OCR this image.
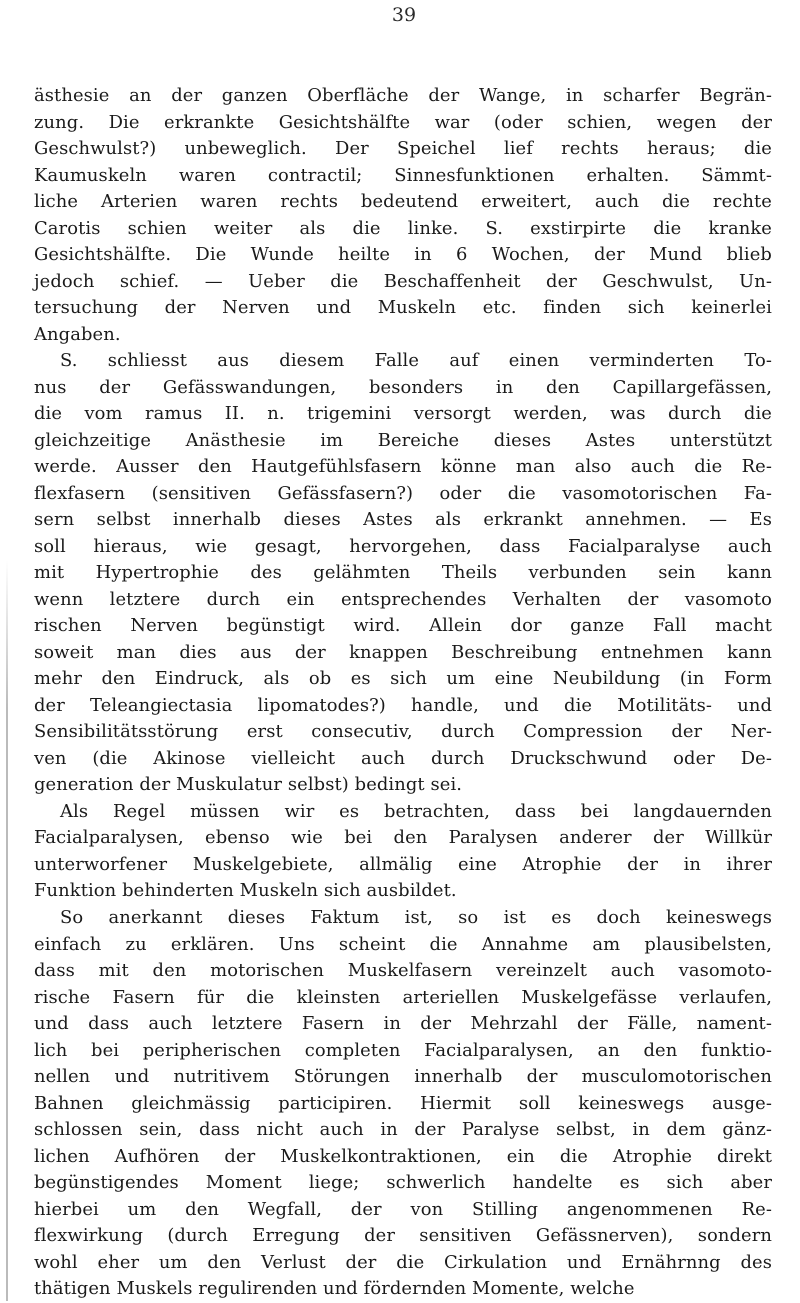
39

ästhesie an der ganzen Oberfläche der Wange, in scharfer Begrän-
zung. Die erkrankte Gesichtshälfte war (oder schien, wegen der
Geschwulst?) unbeweglich. Der Speichel lief rechts heraus; die
Kaumuskeln waren contractil; Sinnesfunktionen erhalten. Sämmt-
liche Arterien waren rechts bedeutend erweitert, auch die rechte
Carotis schien weiter als die linke. S. exstirpirte die kranke
Gesichtshälfte. Die Wunde heilte in 6 Wochen, der Mund blieb
jedoch schief. — Ueber die Beschaffenheit der Geschwulst, Un-
tersuchung der Nerven und Muskeln etc. finden sich keinerlei
Angaben.

S. schliesst aus diesem Falle auf einen verminderten To-
nus der Gefässwandungen, besonders in den Capillargefässen,
die vom ramus II. n. trigemini versorgt werden, was durch die
gleichzeitige Anästhesie im Bereiche dieses Astes unterstützt
werde. Ausser den Hautgefühlsfasern könne man also auch die Re-
flexfasern (sensitiven Gefässfasern?) oder die vasomotorischen Fa-
sern selbst innerhalb dieses Astes als erkrankt annehmen. — Es
soll hieraus, wie gesagt, hervorgehen, dass Facialparalyse auch
mit Hypertrophie des gelähmten Theils verbunden sein kann
wenn letztere durch ein entsprechendes Verhalten der vasomoto
rischen Nerven begünstigt wird. Allein dor ganze Fall macht
soweit man dies aus der knappen Beschreibung entnehmen kann
mehr den Eindruck, als ob es sich um eine Neubildung (in Form
der Teleangiectasia lipomatodes?) handle, und die Motilitäts- und
Sensibilitätsstörung erst consecutiv, durch Compression der Ner-
ven (die Akinose vielleicht auch durch Druckschwund oder De-
generation der Muskulatur selbst) bedingt sei.

Als Regel müssen wir es betrachten, dass bei langdauernden
Facialparalysen, ebenso wie bei den Paralysen anderer der Willkür
unterworfener Muskelgebiete, allmälig eine Atrophie der in ihrer
Funktion behinderten Muskeln sich ausbildet.

So anerkannt dieses Faktum ist, so ist es doch keineswegs
einfach zu erklären. Uns scheint die Annahme am plausibelsten,
dass mit den motorischen Muskelfasern vereinzelt auch vasomoto-
rische Fasern für die kleinsten arteriellen Muskelgefässe verlaufen,
und dass auch letztere Fasern in der Mehrzahl der Fälle, nament-
lich bei peripherischen completen Facialparalysen, an den funktio-
nellen und nutritivem Störungen innerhalb der musculomotorischen
Bahnen gleichmässig participiren. Hiermit soll keineswegs ausge-
schlossen sein, dass nicht auch in der Paralyse selbst, in dem gänz-
lichen Aufhören der Muskelkontraktionen, ein die Atrophie direkt
begünstigendes Moment liege; schwerlich handelte es sich aber
hierbei um den Wegfall, der von Stilling angenommenen Re-
flexwirkung (durch Erregung der sensitiven Gefässnerven), sondern
wohl eher um den Verlust der die Cirkulation und Ernährnng des
thätigen Muskels regulirenden und fördernden Momente, welche
